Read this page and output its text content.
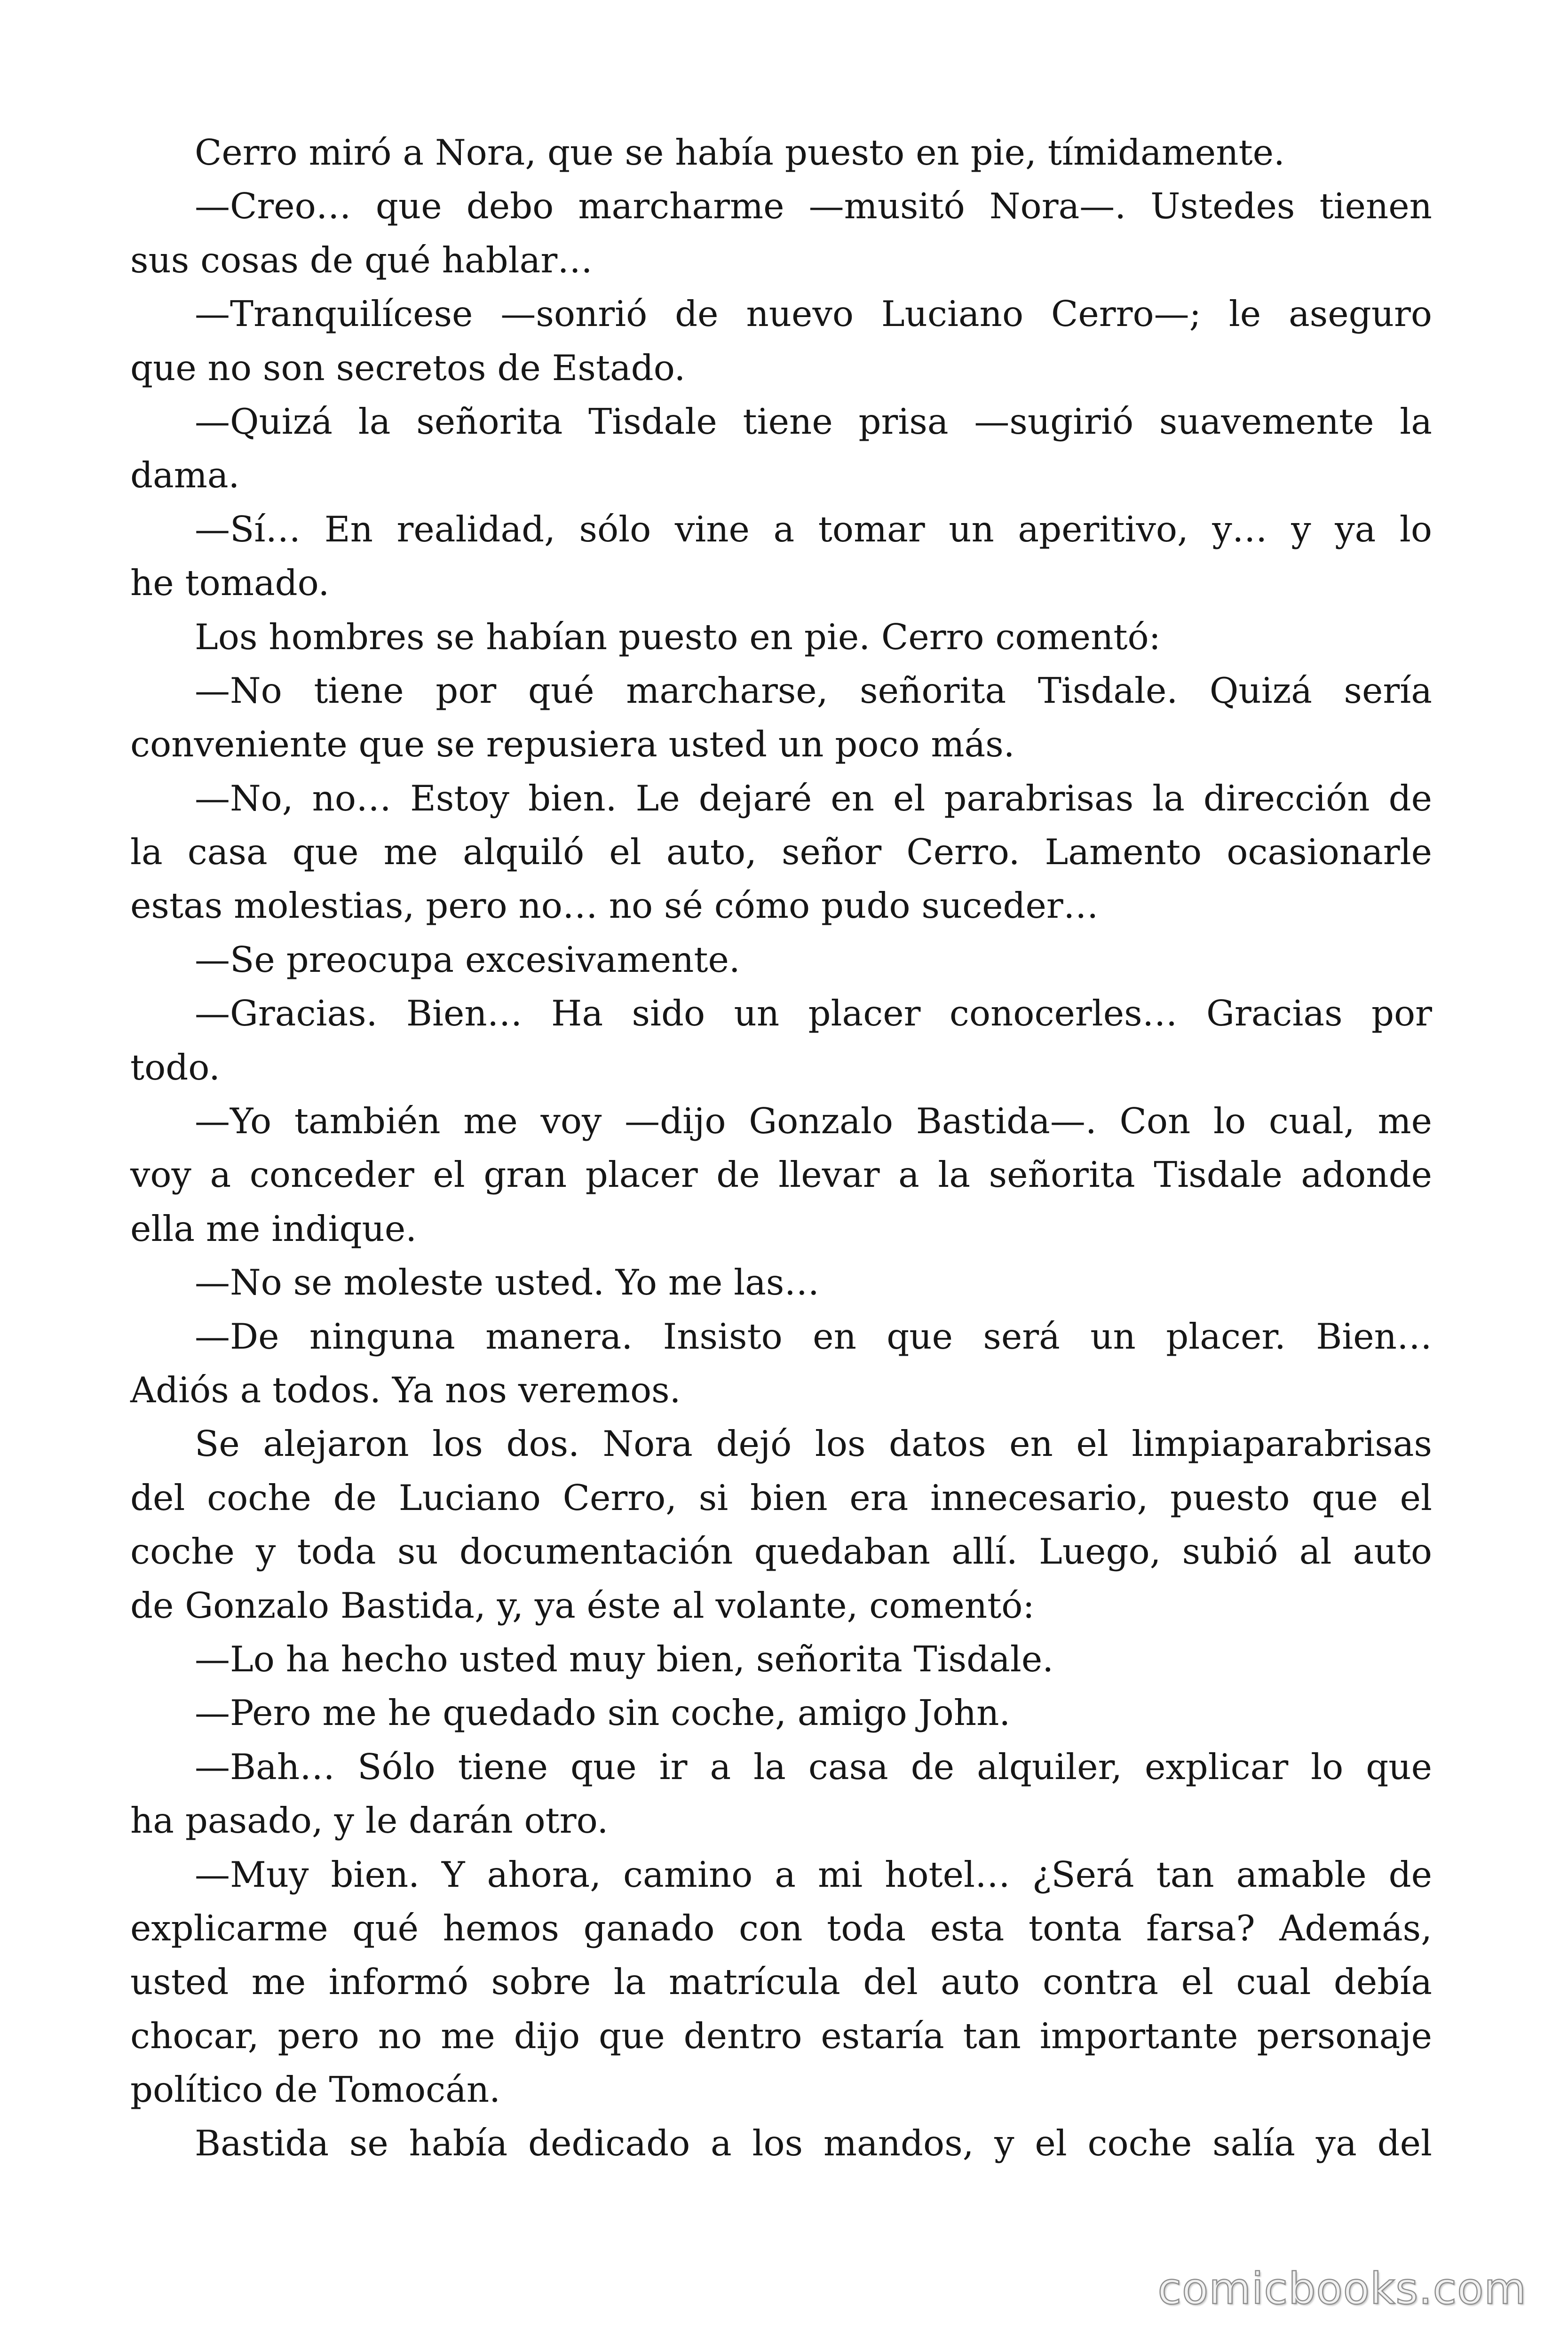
Cerro miró a Nora, que se había puesto en pie, tímidamente.
—Creo… que debo marcharme —musitó Nora—. Ustedes tienen
sus cosas de qué hablar…
—Tranquilícese —sonrió de nuevo Luciano Cerro—; le aseguro
que no son secretos de Estado.
—Quizá la señorita Tisdale tiene prisa —sugirió suavemente la
dama.
—Sí… En realidad, sólo vine a tomar un aperitivo, y… y ya lo
he tomado.
Los hombres se habían puesto en pie. Cerro comentó:
—No tiene por qué marcharse, señorita Tisdale. Quizá sería
conveniente que se repusiera usted un poco más.
—No, no… Estoy bien. Le dejaré en el parabrisas la dirección de
la casa que me alquiló el auto, señor Cerro. Lamento ocasionarle
estas molestias, pero no… no sé cómo pudo suceder…
—Se preocupa excesivamente.
—Gracias. Bien… Ha sido un placer conocerles… Gracias por
todo.
—Yo también me voy —dijo Gonzalo Bastida—. Con lo cual, me
voy a conceder el gran placer de llevar a la señorita Tisdale adonde
ella me indique.
—No se moleste usted. Yo me las…
—De ninguna manera. Insisto en que será un placer. Bien…
Adiós a todos. Ya nos veremos.
Se alejaron los dos. Nora dejó los datos en el limpiaparabrisas
del coche de Luciano Cerro, si bien era innecesario, puesto que el
coche y toda su documentación quedaban allí. Luego, subió al auto
de Gonzalo Bastida, y, ya éste al volante, comentó:
—Lo ha hecho usted muy bien, señorita Tisdale.
—Pero me he quedado sin coche, amigo John.
—Bah… Sólo tiene que ir a la casa de alquiler, explicar lo que
ha pasado, y le darán otro.
—Muy bien. Y ahora, camino a mi hotel… ¿Será tan amable de
explicarme qué hemos ganado con toda esta tonta farsa? Además,
usted me informó sobre la matrícula del auto contra el cual debía
chocar, pero no me dijo que dentro estaría tan importante personaje
político de Tomocán.
Bastida se había dedicado a los mandos, y el coche salía ya del
comicbooks.com
